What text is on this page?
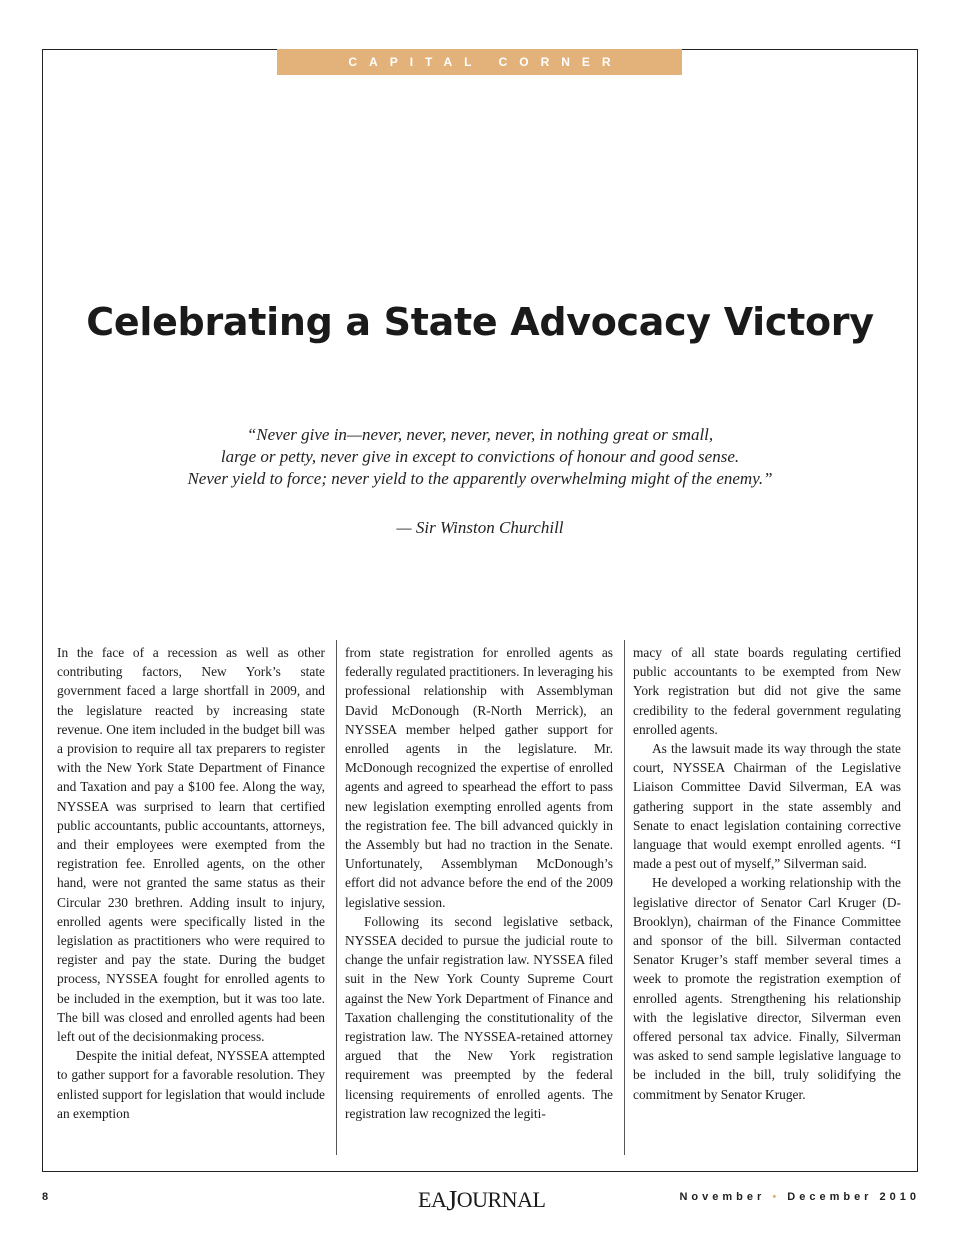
CAPITAL CORNER
Celebrating a State Advocacy Victory
“Never give in—never, never, never, never, in nothing great or small,
large or petty, never give in except to convictions of honour and good sense.
Never yield to force; never yield to the apparently overwhelming might of the enemy.”
— Sir Winston Churchill

In the face of a recession as well as other contributing factors, New York’s state government faced a large shortfall in 2009, and the legislature reacted by increasing state revenue. One item included in the budget bill was a provision to require all tax preparers to register with the New York State Department of Finance and Taxation and pay a $100 fee. Along the way, NYSSEA was surprised to learn that certified public accountants, public accountants, attorneys, and their employees were exempted from the registration fee. Enrolled agents, on the other hand, were not granted the same status as their Circular 230 brethren. Adding insult to injury, enrolled agents were specifically listed in the legislation as practitioners who were required to register and pay the state. During the budget process, NYSSEA fought for enrolled agents to be included in the exemption, but it was too late. The bill was closed and enrolled agents had been left out of the decisionmaking process.

Despite the initial defeat, NYSSEA attempted to gather support for a favorable resolution. They enlisted support for legislation that would include an exemption

from state registration for enrolled agents as federally regulated practitioners. In leveraging his professional relationship with Assemblyman David McDonough (R-North Merrick), an NYSSEA member helped gather support for enrolled agents in the legislature. Mr. McDonough recognized the expertise of enrolled agents and agreed to spearhead the effort to pass new legislation exempting enrolled agents from the registration fee. The bill advanced quickly in the Assembly but had no traction in the Senate. Unfortunately, Assemblyman McDonough’s effort did not advance before the end of the 2009 legislative session.

Following its second legislative setback, NYSSEA decided to pursue the judicial route to change the unfair registration law. NYSSEA filed suit in the New York County Supreme Court against the New York Department of Finance and Taxation challenging the constitutionality of the registration law. The NYSSEA-retained attorney argued that the New York registration requirement was preempted by the federal licensing requirements of enrolled agents. The registration law recognized the legiti-

macy of all state boards regulating certified public accountants to be exempted from New York registration but did not give the same credibility to the federal government regulating enrolled agents.

As the lawsuit made its way through the state court, NYSSEA Chairman of the Legislative Liaison Committee David Silverman, EA was gathering support in the state assembly and Senate to enact legislation containing corrective language that would exempt enrolled agents. “I made a pest out of myself,” Silverman said.

He developed a working relationship with the legislative director of Senator Carl Kruger (D-Brooklyn), chairman of the Finance Committee and sponsor of the bill. Silverman contacted Senator Kruger’s staff member several times a week to promote the registration exemption of enrolled agents. Strengthening his relationship with the legislative director, Silverman even offered personal tax advice. Finally, Silverman was asked to send sample legislative language to be included in the bill, truly solidifying the commitment by Senator Kruger.

8	EAJOURNAL	November • December 2010
